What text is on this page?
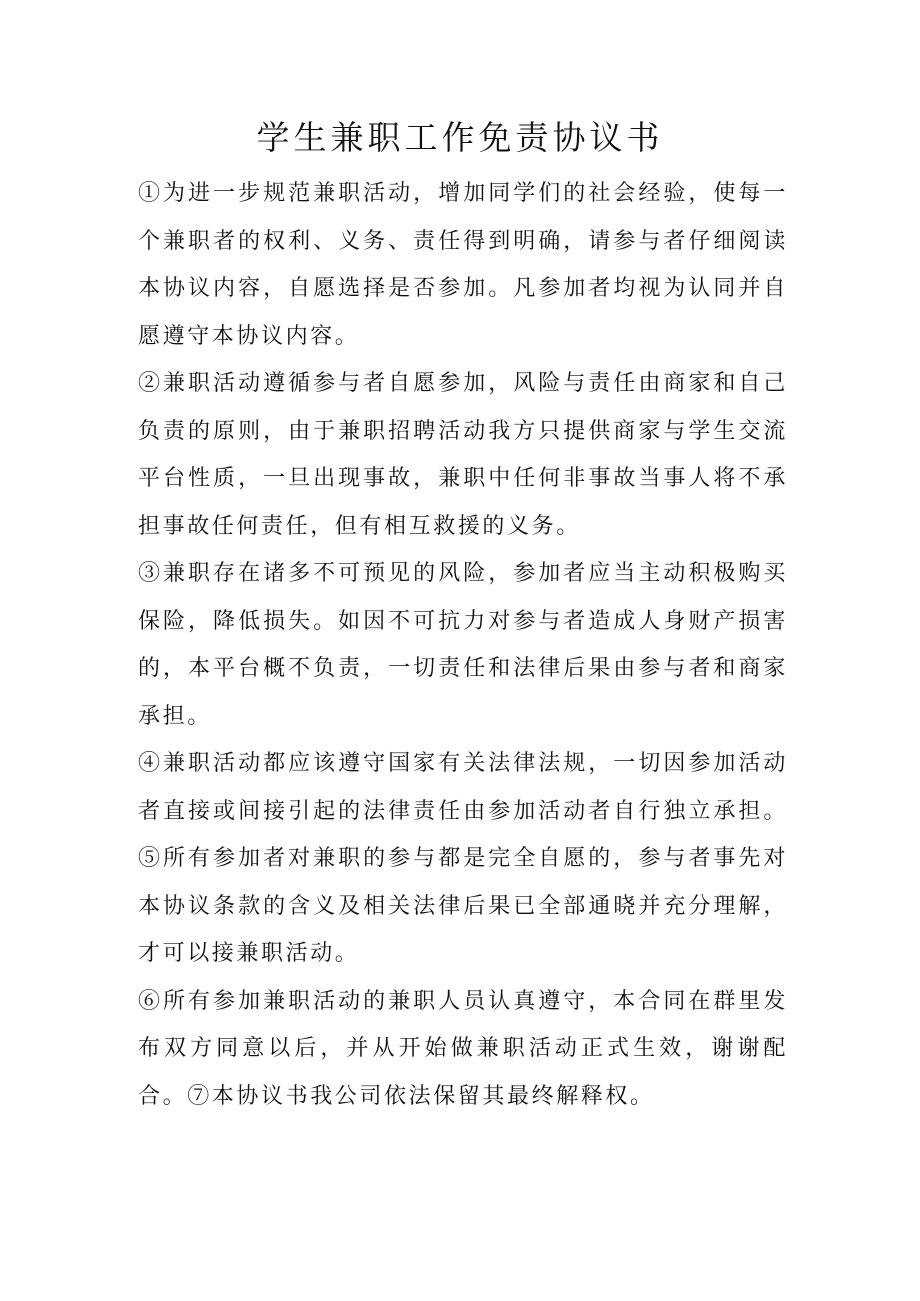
学生兼职工作免责协议书

①为进一步规范兼职活动，增加同学们的社会经验，使每一个兼职者的权利、义务、责任得到明确，请参与者仔细阅读本协议内容，自愿选择是否参加。凡参加者均视为认同并自愿遵守本协议内容。

②兼职活动遵循参与者自愿参加，风险与责任由商家和自己负责的原则，由于兼职招聘活动我方只提供商家与学生交流平台性质，一旦出现事故，兼职中任何非事故当事人将不承担事故任何责任，但有相互救援的义务。

③兼职存在诸多不可预见的风险，参加者应当主动积极购买保险，降低损失。如因不可抗力对参与者造成人身财产损害的，本平台概不负责，一切责任和法律后果由参与者和商家承担。

④兼职活动都应该遵守国家有关法律法规，一切因参加活动者直接或间接引起的法律责任由参加活动者自行独立承担。⑤所有参加者对兼职的参与都是完全自愿的，参与者事先对本协议条款的含义及相关法律后果已全部通晓并充分理解，才可以接兼职活动。

⑥所有参加兼职活动的兼职人员认真遵守，本合同在群里发布双方同意以后，并从开始做兼职活动正式生效，谢谢配合。⑦本协议书我公司依法保留其最终解释权。
